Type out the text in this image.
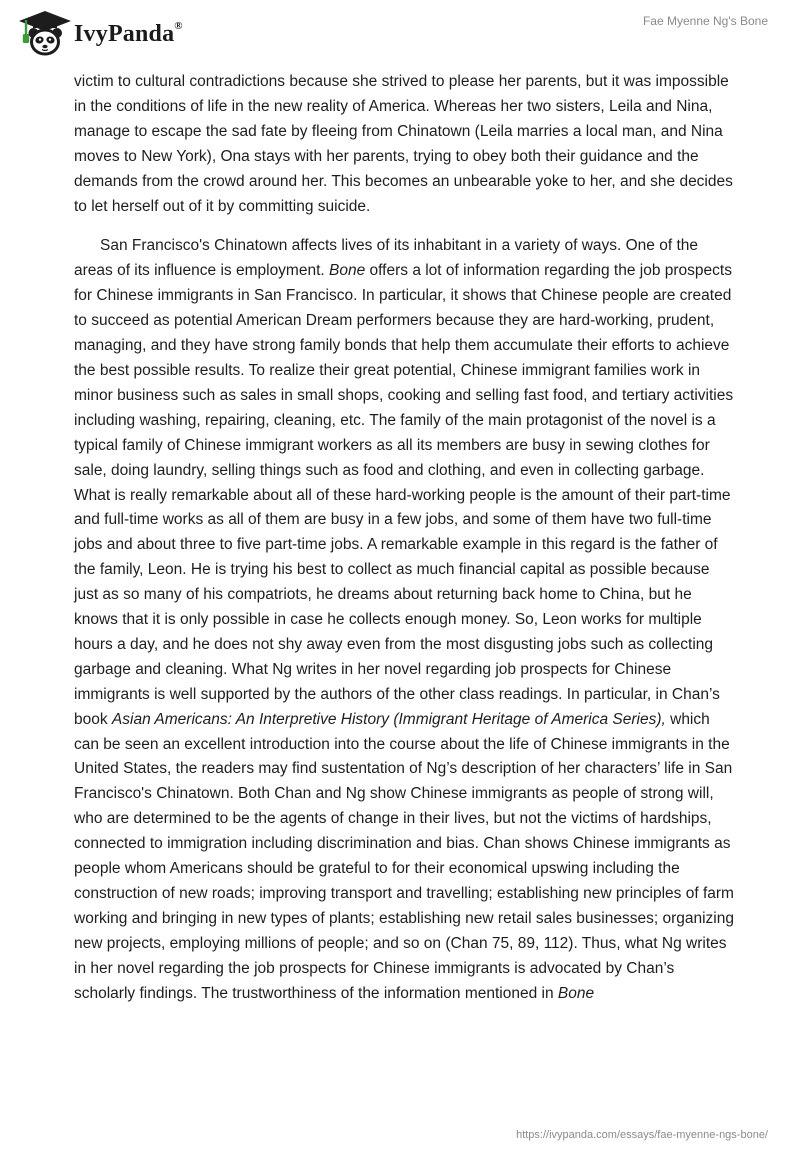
IvyPanda®	Fae Myenne Ng's Bone

victim to cultural contradictions because she strived to please her parents, but it was impossible in the conditions of life in the new reality of America. Whereas her two sisters, Leila and Nina, manage to escape the sad fate by fleeing from Chinatown (Leila marries a local man, and Nina moves to New York), Ona stays with her parents, trying to obey both their guidance and the demands from the crowd around her. This becomes an unbearable yoke to her, and she decides to let herself out of it by committing suicide.

San Francisco's Chinatown affects lives of its inhabitant in a variety of ways. One of the areas of its influence is employment. Bone offers a lot of information regarding the job prospects for Chinese immigrants in San Francisco. In particular, it shows that Chinese people are created to succeed as potential American Dream performers because they are hard-working, prudent, managing, and they have strong family bonds that help them accumulate their efforts to achieve the best possible results. To realize their great potential, Chinese immigrant families work in minor business such as sales in small shops, cooking and selling fast food, and tertiary activities including washing, repairing, cleaning, etc. The family of the main protagonist of the novel is a typical family of Chinese immigrant workers as all its members are busy in sewing clothes for sale, doing laundry, selling things such as food and clothing, and even in collecting garbage. What is really remarkable about all of these hard-working people is the amount of their part-time and full-time works as all of them are busy in a few jobs, and some of them have two full-time jobs and about three to five part-time jobs. A remarkable example in this regard is the father of the family, Leon. He is trying his best to collect as much financial capital as possible because just as so many of his compatriots, he dreams about returning back home to China, but he knows that it is only possible in case he collects enough money. So, Leon works for multiple hours a day, and he does not shy away even from the most disgusting jobs such as collecting garbage and cleaning. What Ng writes in her novel regarding job prospects for Chinese immigrants is well supported by the authors of the other class readings. In particular, in Chan’s book Asian Americans: An Interpretive History (Immigrant Heritage of America Series), which can be seen an excellent introduction into the course about the life of Chinese immigrants in the United States, the readers may find sustentation of Ng’s description of her characters’ life in San Francisco's Chinatown. Both Chan and Ng show Chinese immigrants as people of strong will, who are determined to be the agents of change in their lives, but not the victims of hardships, connected to immigration including discrimination and bias. Chan shows Chinese immigrants as people whom Americans should be grateful to for their economical upswing including the construction of new roads; improving transport and travelling; establishing new principles of farm working and bringing in new types of plants; establishing new retail sales businesses; organizing new projects, employing millions of people; and so on (Chan 75, 89, 112). Thus, what Ng writes in her novel regarding the job prospects for Chinese immigrants is advocated by Chan’s scholarly findings. The trustworthiness of the information mentioned in Bone

https://ivypanda.com/essays/fae-myenne-ngs-bone/
